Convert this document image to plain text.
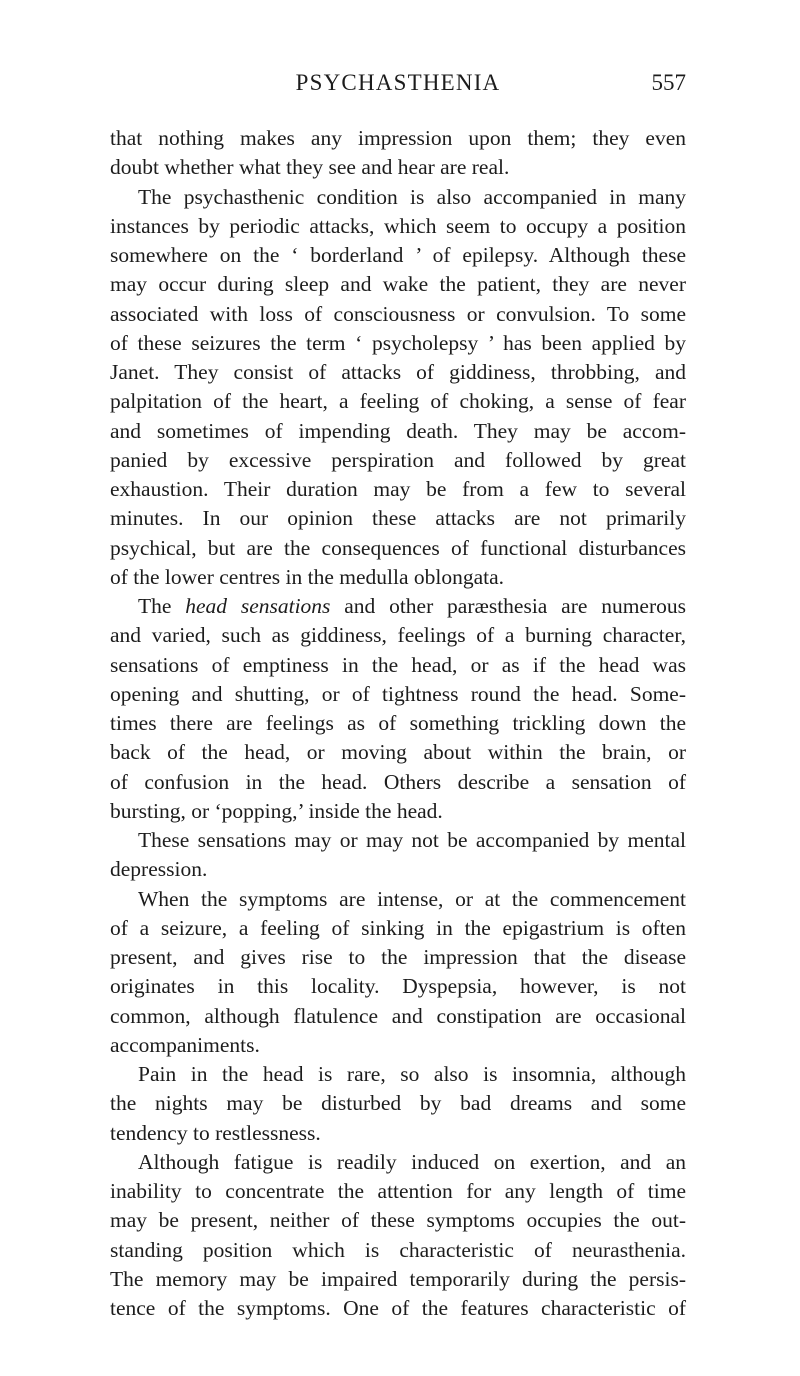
PSYCHASTHENIA	557
that nothing makes any impression upon them; they even
doubt whether what they see and hear are real.
The psychasthenic condition is also accompanied in many
instances by periodic attacks, which seem to occupy a position
somewhere on the ‘ borderland ’ of epilepsy. Although these
may occur during sleep and wake the patient, they are never
associated with loss of consciousness or convulsion. To some
of these seizures the term ‘ psycholepsy ’ has been applied by
Janet. They consist of attacks of giddiness, throbbing, and
palpitation of the heart, a feeling of choking, a sense of fear
and sometimes of impending death. They may be accom-
panied by excessive perspiration and followed by great
exhaustion. Their duration may be from a few to several
minutes. In our opinion these attacks are not primarily
psychical, but are the consequences of functional disturbances
of the lower centres in the medulla oblongata.
The head sensations and other paræsthesia are numerous
and varied, such as giddiness, feelings of a burning character,
sensations of emptiness in the head, or as if the head was
opening and shutting, or of tightness round the head. Some-
times there are feelings as of something trickling down the
back of the head, or moving about within the brain, or
of confusion in the head. Others describe a sensation of
bursting, or ‘popping,’ inside the head.
These sensations may or may not be accompanied by mental
depression.
When the symptoms are intense, or at the commencement
of a seizure, a feeling of sinking in the epigastrium is often
present, and gives rise to the impression that the disease
originates in this locality. Dyspepsia, however, is not
common, although flatulence and constipation are occasional
accompaniments.
Pain in the head is rare, so also is insomnia, although
the nights may be disturbed by bad dreams and some
tendency to restlessness.
Although fatigue is readily induced on exertion, and an
inability to concentrate the attention for any length of time
may be present, neither of these symptoms occupies the out-
standing position which is characteristic of neurasthenia.
The memory may be impaired temporarily during the persis-
tence of the symptoms. One of the features characteristic of
